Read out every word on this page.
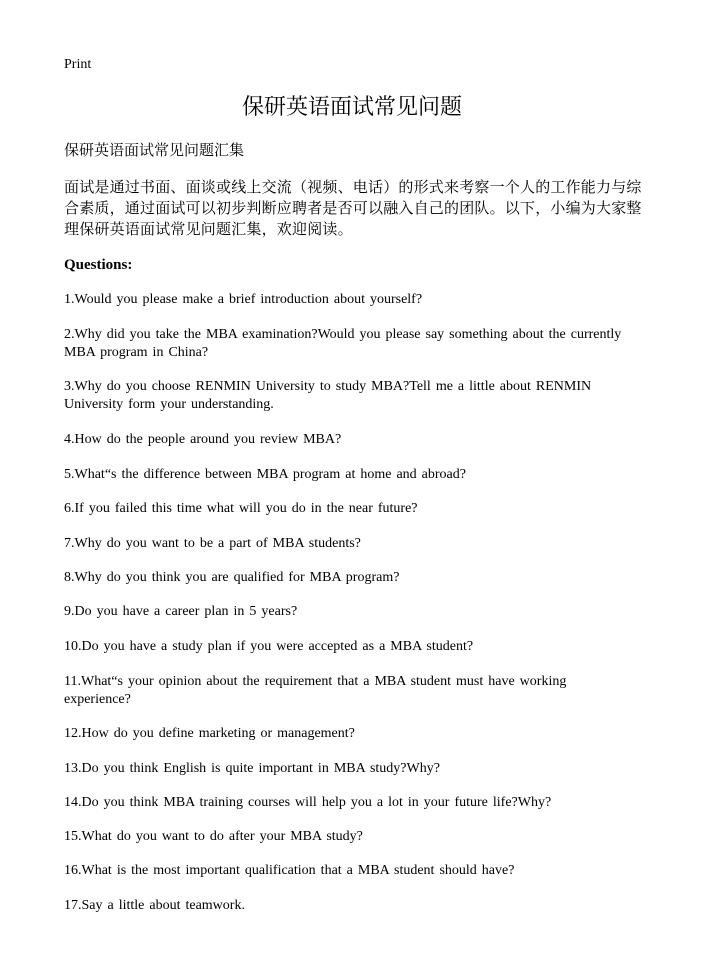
Print
保研英语面试常见问题
保研英语面试常见问题汇集
面试是通过书面、面谈或线上交流（视频、电话）的形式来考察一个人的工作能力与综合素质，通过面试可以初步判断应聘者是否可以融入自己的团队。以下，小编为大家整理保研英语面试常见问题汇集，欢迎阅读。
Questions:
1.Would you please make a brief introduction about yourself?
2.Why did you take the MBA examination?Would you please say something about the currently MBA program in China?
3.Why do you choose RENMIN University to study MBA?Tell me a little about RENMIN University form your understanding.
4.How do the people around you review MBA?
5.What“s the difference between MBA program at home and abroad?
6.If you failed this time what will you do in the near future?
7.Why do you want to be a part of MBA students?
8.Why do you think you are qualified for MBA program?
9.Do you have a career plan in 5 years?
10.Do you have a study plan if you were accepted as a MBA student?
11.What“s your opinion about the requirement that a MBA student must have working experience?
12.How do you define marketing or management?
13.Do you think English is quite important in MBA study?Why?
14.Do you think MBA training courses will help you a lot in your future life?Why?
15.What do you want to do after your MBA study?
16.What is the most important qualification that a MBA student should have?
17.Say a little about teamwork.
